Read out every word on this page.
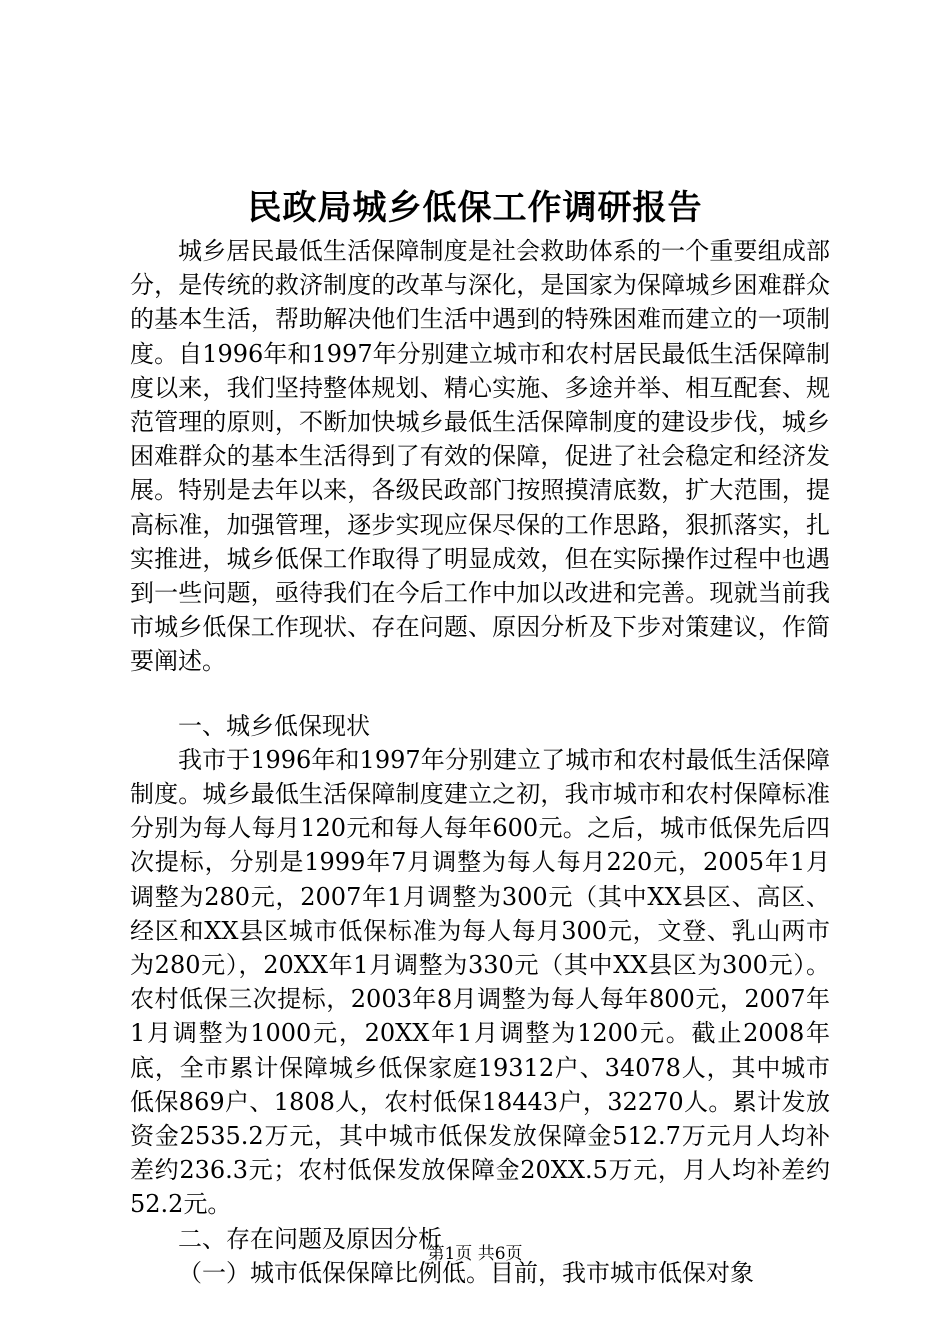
民政局城乡低保工作调研报告

城乡居民最低生活保障制度是社会救助体系的一个重要组成部分，是传统的救济制度的改革与深化，是国家为保障城乡困难群众的基本生活，帮助解决他们生活中遇到的特殊困难而建立的一项制度。自1996年和1997年分别建立城市和农村居民最低生活保障制度以来，我们坚持整体规划、精心实施、多途并举、相互配套、规范管理的原则，不断加快城乡最低生活保障制度的建设步伐，城乡困难群众的基本生活得到了有效的保障，促进了社会稳定和经济发展。特别是去年以来，各级民政部门按照摸清底数，扩大范围，提高标准，加强管理，逐步实现应保尽保的工作思路，狠抓落实，扎实推进，城乡低保工作取得了明显成效，但在实际操作过程中也遇到一些问题，亟待我们在今后工作中加以改进和完善。现就当前我市城乡低保工作现状、存在问题、原因分析及下步对策建议，作简要阐述。

一、城乡低保现状

我市于1996年和1997年分别建立了城市和农村最低生活保障制度。城乡最低生活保障制度建立之初，我市城市和农村保障标准分别为每人每月120元和每人每年600元。之后，城市低保先后四次提标，分别是1999年7月调整为每人每月220元，2005年1月调整为280元，2007年1月调整为300元（其中XX县区、高区、经区和XX县区城市低保标准为每人每月300元，文登、乳山两市为280元），20XX年1月调整为330元（其中XX县区为300元）。农村低保三次提标，2003年8月调整为每人每年800元，2007年1月调整为1000元，20XX年1月调整为1200元。截止2008年底，全市累计保障城乡低保家庭19312户、34078人，其中城市低保869户、1808人，农村低保18443户，32270人。累计发放资金2535.2万元，其中城市低保发放保障金512.7万元月人均补差约236.3元；农村低保发放保障金20XX.5万元，月人均补差约52.2元。

二、存在问题及原因分析

（一）城市低保保障比例低。目前，我市城市低保对象

第1页 共6页
